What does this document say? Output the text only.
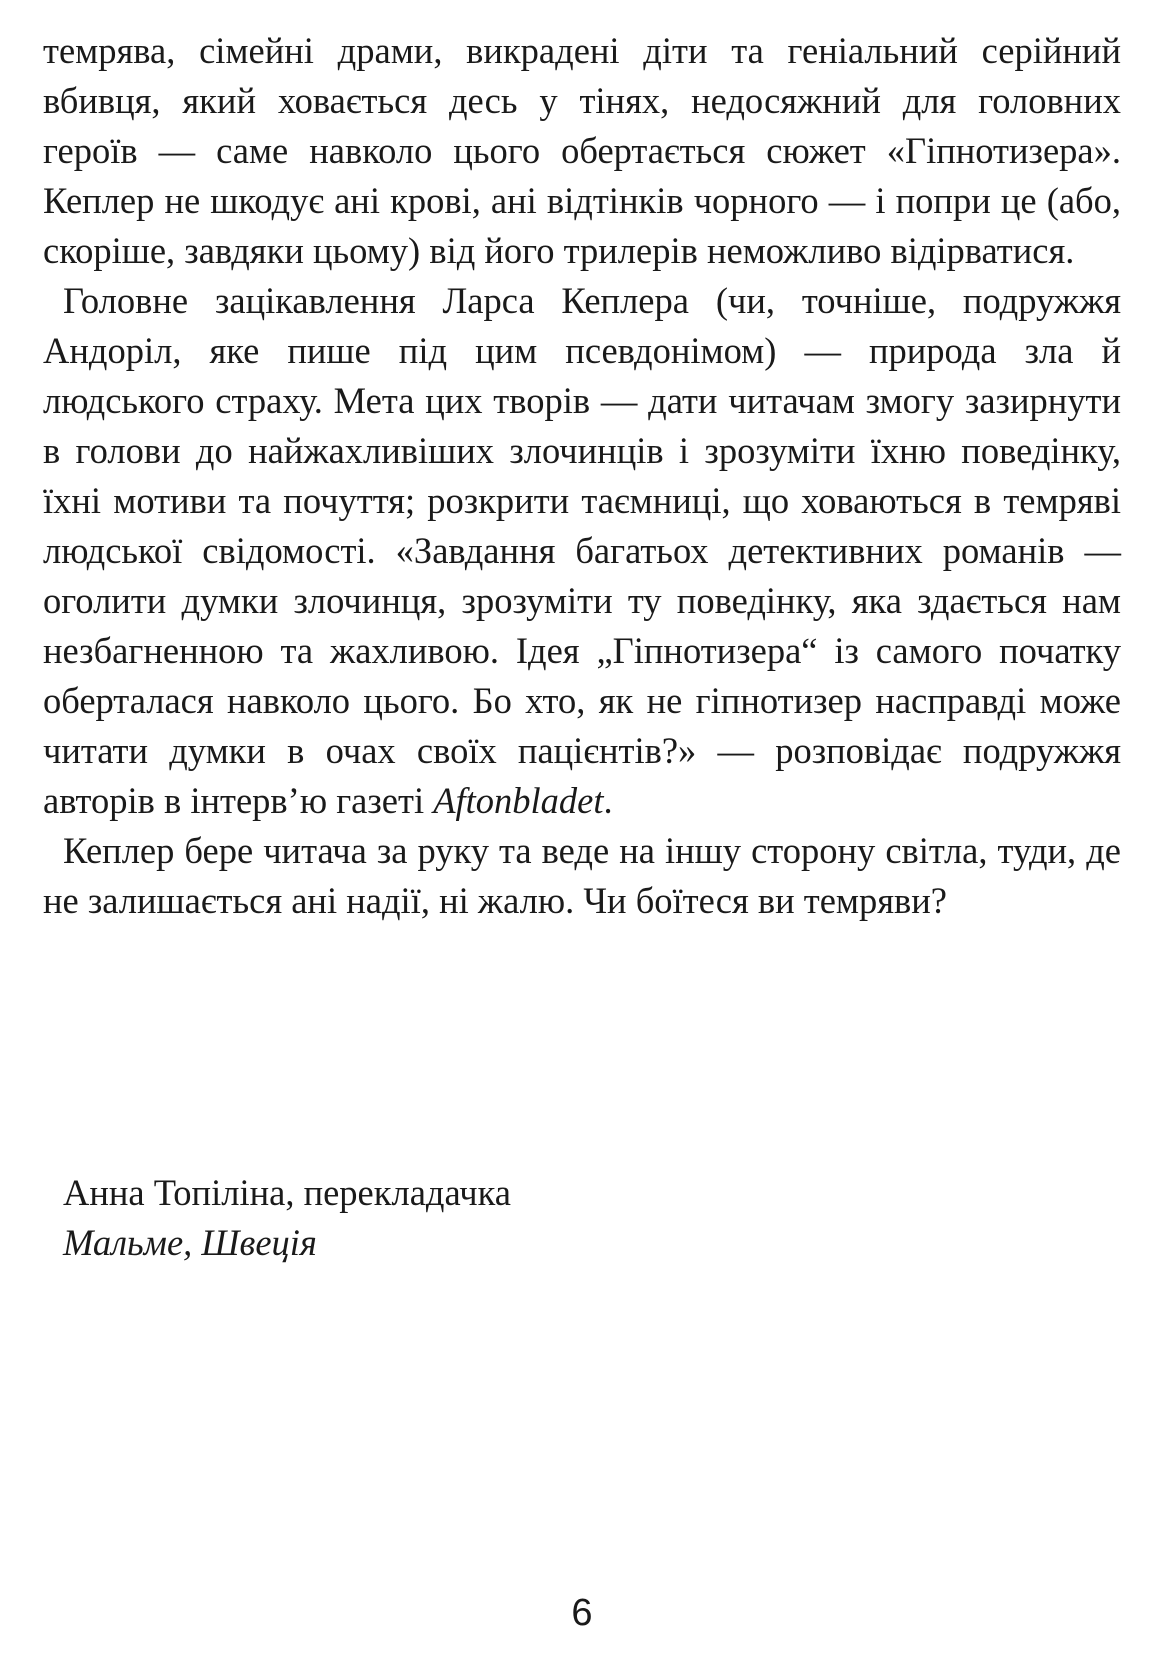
темрява, сімейні драми, викрадені діти та геніальний серійний вбивця, який ховається десь у тінях, недосяжний для головних героїв — саме навколо цього обертається сюжет «Гіпнотизера». Кеплер не шкодує ані крові, ані відтінків чорного — і попри це (або, скоріше, завдяки цьому) від його трилерів неможливо відірватися.

Головне зацікавлення Ларса Кеплера (чи, точніше, подружжя Андоріл, яке пише під цим псевдонімом) — природа зла й людського страху. Мета цих творів — дати читачам змогу зазирнути в голови до найжахливіших злочинців і зрозуміти їхню поведінку, їхні мотиви та почуття; розкрити таємниці, що ховаються в темряві людської свідомості. «Завдання багатьох детективних романів — оголити думки злочинця, зрозуміти ту поведінку, яка здається нам незбагненною та жахливою. Ідея „Гіпнотизера“ із самого початку оберталася навколо цього. Бо хто, як не гіпнотизер насправді може читати думки в очах своїх пацієнтів?» — розповідає подружжя авторів в інтерв’ю газеті Aftonbladet.

Кеплер бере читача за руку та веде на іншу сторону світла, туди, де не залишається ані надії, ні жалю. Чи боїтеся ви темряви?

Анна Топіліна, перекладачка
Мальме, Швеція
6
